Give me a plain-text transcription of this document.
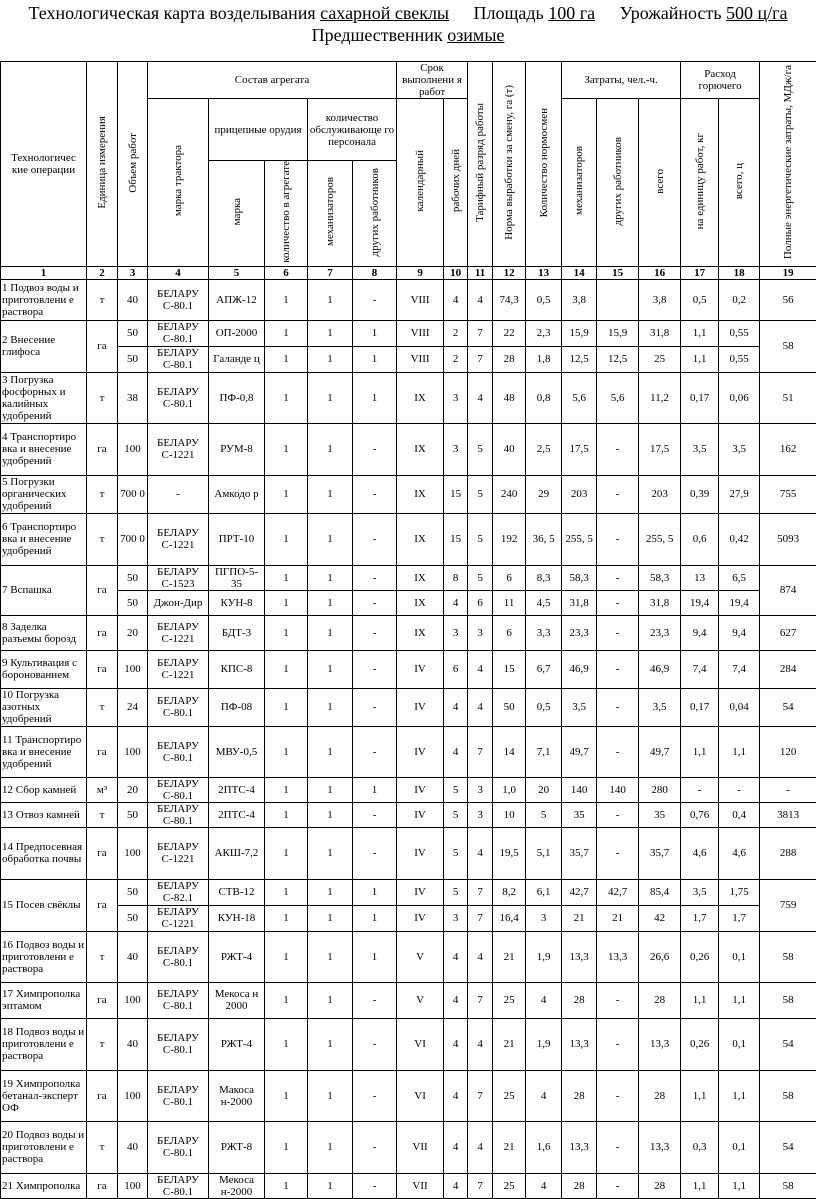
Технологическая карта возделывания сахарной свеклы Площадь 100 га Урожайность 500 ц/га
Предшественник озимые
Технологичес кие операции	Единица измерения	Объем работ	Состав агрегата					Срок выполнени я работ		Тарифный разряд работы	Норма выработки за смену, га (т)	Количество нормосмен	Затраты, чел.-ч.			Расход горючего		Полные энергетические затраты, МДж/га
			марка трактора	прицепные орудия		количество обслуживающе го персонала		календарный	рабочих дней				механизаторов	других работников	всего	на единицу работ, кг	всего, ц	
				марка	количество в агрегате	механизаторов	других работников											
1	2	3	4	5	6	7	8	9	10	11	12	13	14	15	16	17	18	19
1 Подвоз воды и приготовлени е раствора	т	40	БЕЛАРУ С-80.1	АПЖ-12	1	1	-	VIII	4	4	74,3	0,5	3,8		3,8	0,5	0,2	56
2 Внесение глифоса	га	50	БЕЛАРУ С-80.1	ОП-2000	1	1	1	VIII	2	7	22	2,3	15,9	15,9	31,8	1,1	0,55	58
		50	БЕЛАРУ С-80.1	Галанде ц	1	1	1	VIII	2	7	28	1,8	12,5	12,5	25	1,1	0,55	
3 Погрузка фосфорных и калийных удобрений	т	38	БЕЛАРУ С-80.1	ПФ-0,8	1	1	1	IX	3	4	48	0,8	5,6	5,6	11,2	0,17	0,06	51
4 Транспортиро вка и внесение удобрений	га	100	БЕЛАРУ С-1221	РУМ-8	1	1	-	IX	3	5	40	2,5	17,5	-	17,5	3,5	3,5	162
5 Погрузки органических удобрений	т	700 0	-	Амкодо р	1	1	-	IX	15	5	240	29	203	-	203	0,39	27,9	755
6 Транспортиро вка и внесение удобрений	т	700 0	БЕЛАРУ С-1221	ПРТ-10	1	1	-	IX	15	5	192	36, 5	255, 5	-	255, 5	0,6	0,42	5093
7 Вспашка	га	50	БЕЛАРУ С-1523	ПГПО-5-35	1	1	-	IX	8	5	6	8,3	58,3	-	58,3	13	6,5	874
		50	Джон-Дир	КУН-8	1	1	-	IX	4	6	11	4,5	31,8	-	31,8	19,4	19,4	
8 Заделка разъемы борозд	га	20	БЕЛАРУ С-1221	БДТ-3	1	1	-	IX	3	3	6	3,3	23,3	-	23,3	9,4	9,4	627
9 Культивация с боронованием	га	100	БЕЛАРУ С-1221	КПС-8	1	1	-	IV	6	4	15	6,7	46,9	-	46,9	7,4	7,4	284
10 Погрузка азотных удобрений	т	24	БЕЛАРУ С-80.1	ПФ-08	1	1	-	IV	4	4	50	0,5	3,5	-	3,5	0,17	0,04	54
11 Транспортиро вка и внесение удобрений	га	100	БЕЛАРУ С-80.1	МВУ-0,5	1	1	-	IV	4	7	14	7,1	49,7	-	49,7	1,1	1,1	120
12 Сбор камней	м³	20	БЕЛАРУ С-80.1	2ПТС-4	1	1	1	IV	5	3	1,0	20	140	140	280	-	-	-
13 Отвоз камней	т	50	БЕЛАРУ С-80.1	2ПТС-4	1	1	-	IV	5	3	10	5	35	-	35	0,76	0,4	3813
14 Предпосевная обработка почвы	га	100	БЕЛАРУ С-1221	АКШ-7,2	1	1	-	IV	5	4	19,5	5,1	35,7	-	35,7	4,6	4,6	288
15 Посев свёклы	га	50	БЕЛАРУ С-82.1	СТВ-12	1	1	1	IV	5	7	8,2	6,1	42,7	42,7	85,4	3,5	1,75	759
		50	БЕЛАРУ С-1221	КУН-18	1	1	1	IV	3	7	16,4	3	21	21	42	1,7	1,7	
16 Подвоз воды и приготовлени е раствора	т	40	БЕЛАРУ С-80.1	РЖТ-4	1	1	1	V	4	4	21	1,9	13,3	13,3	26,6	0,26	0,1	58
17 Химпрополка эптамом	га	100	БЕЛАРУ С-80.1	Мекоса н 2000	1	1	-	V	4	7	25	4	28	-	28	1,1	1,1	58
18 Подвоз воды и приготовлени е раствора	т	40	БЕЛАРУ С-80.1	РЖТ-4	1	1	-	VI	4	4	21	1,9	13,3	-	13,3	0,26	0,1	54
19 Химпрополка бетанал-эксперт ОФ	га	100	БЕЛАРУ С-80.1	Макоса н-2000	1	1	-	VI	4	7	25	4	28	-	28	1,1	1,1	58
20 Подвоз воды и приготовлени е раствора	т	40	БЕЛАРУ С-80.1	РЖТ-8	1	1	-	VII	4	4	21	1,6	13,3	-	13,3	0,3	0,1	54
21 Химпрополка	га	100	БЕЛАРУ С-80.1	Мекоса н-2000	1	1	-	VII	4	7	25	4	28	-	28	1,1	1,1	58
